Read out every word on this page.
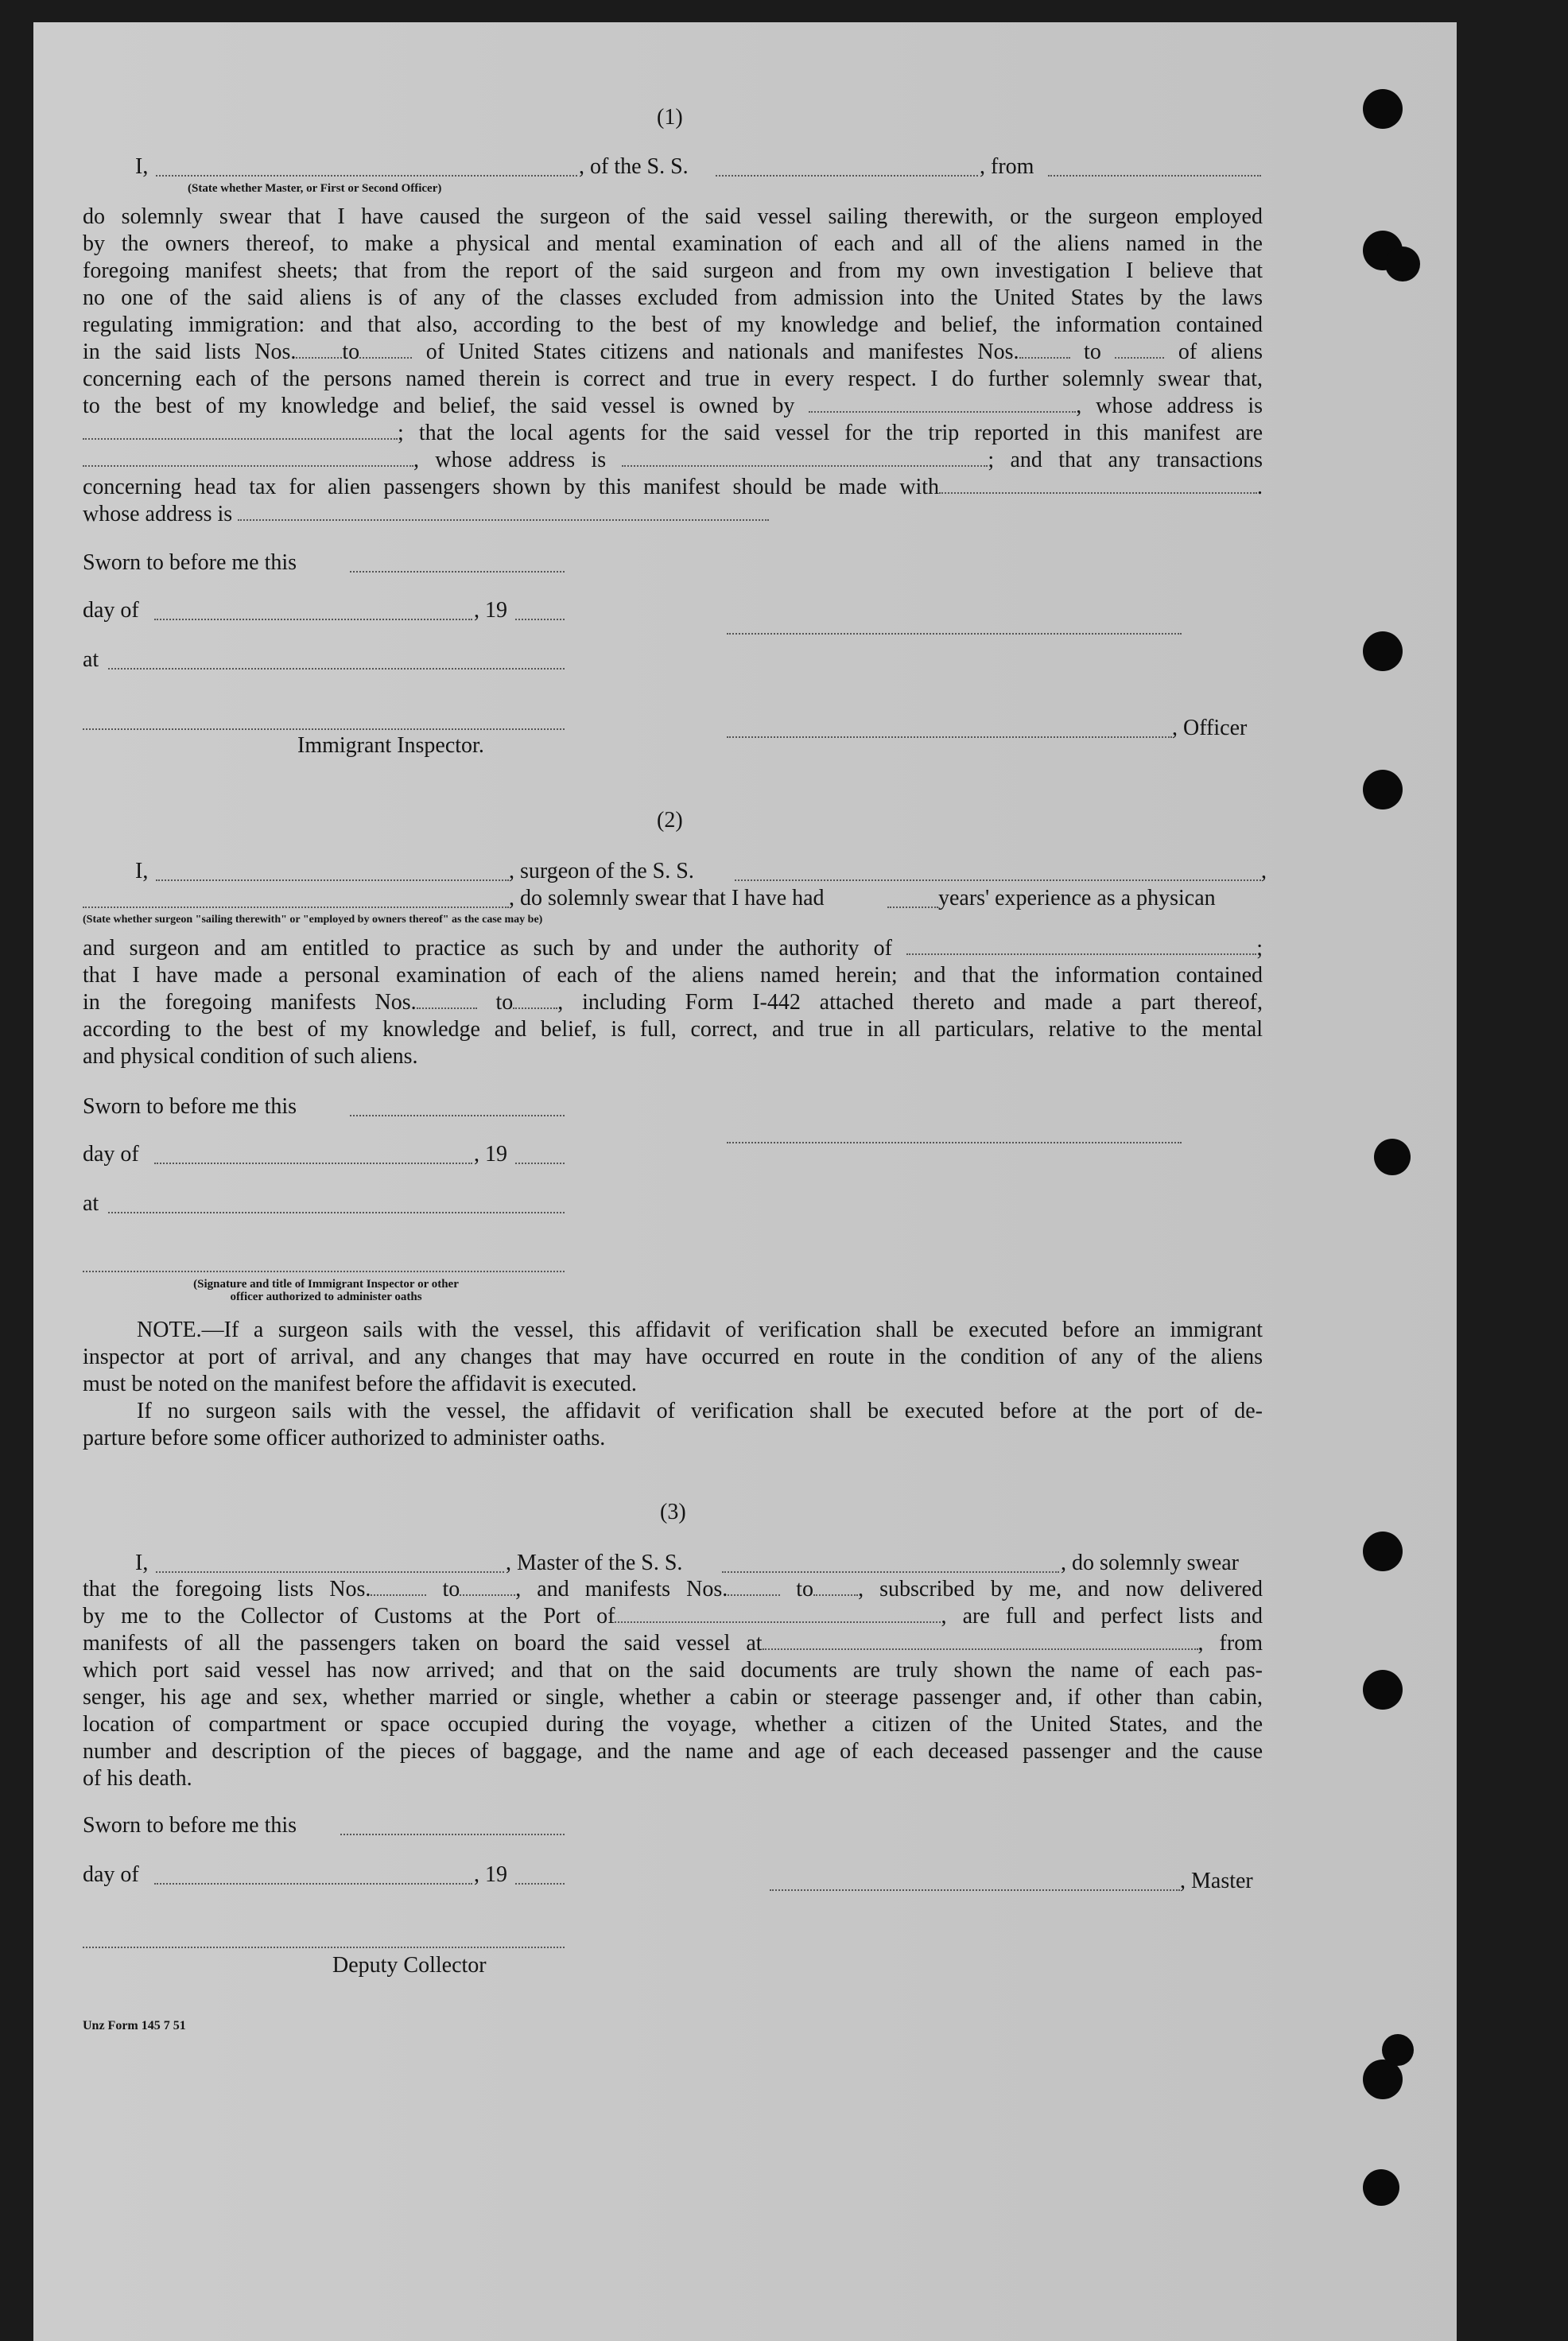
(1)
I,	, of the S. S.	, from
(State whether Master, or First or Second Officer)
do solemnly swear that I have caused the surgeon of the said vessel sailing therewith, or the surgeon employed
by the owners thereof, to make a physical and mental examination of each and all of the aliens named in the
foregoing manifest sheets; that from the report of the said surgeon and from my own investigation I believe that
no one of the said aliens is of any of the classes excluded from admission into the United States by the laws
regulating immigration: and that also, according to the best of my knowledge and belief, the information contained
in the said lists Nos. to	of United States citizens and nationals and manifestes Nos.	to	of aliens
concerning each of the persons named therein is correct and true in every respect. I do further solemnly swear that,
to the best of my knowledge and belief, the said vessel is owned by	, whose address is
; that the local agents for the said vessel for the trip reported in this manifest are
, whose address is	; and that any transactions
concerning head tax for alien passengers shown by this manifest should be made with	.
whose address is
Sworn to before me this
day of	, 19
at
, Officer
Immigrant Inspector.
(2)
I,	, surgeon of the S. S.	,
, do solemnly swear that I have had	years' experience as a physican
(State whether surgeon "sailing therewith" or "employed by owners thereof" as the case may be)
and surgeon and am entitled to practice as such by and under the authority of	;
that I have made a personal examination of each of the aliens named herein; and that the information contained
in the foregoing manifests Nos.	to , including Form I-442 attached thereto and made a part thereof,
according to the best of my knowledge and belief, is full, correct, and true in all particulars, relative to the mental
and physical condition of such aliens.
Sworn to before me this
day of	, 19
at
(Signature and title of Immigrant Inspector or other
officer authorized to administer oaths
NOTE.—If a surgeon sails with the vessel, this affidavit of verification shall be executed before an immigrant
inspector at port of arrival, and any changes that may have occurred en route in the condition of any of the aliens
must be noted on the manifest before the affidavit is executed.
If no surgeon sails with the vessel, the affidavit of verification shall be executed before at the port of de-
parture before some officer authorized to administer oaths.
(3)
I,	, Master of the S. S.	, do solemnly swear
that the foregoing lists Nos.	to	, and manifests Nos.	to , subscribed by me, and now delivered
by me to the Collector of Customs at the Port of	, are full and perfect lists and
manifests of all the passengers taken on board the said vessel at	, from
which port said vessel has now arrived; and that on the said documents are truly shown the name of each pas-
senger, his age and sex, whether married or single, whether a cabin or steerage passenger and, if other than cabin,
location of compartment or space occupied during the voyage, whether a citizen of the United States, and the
number and description of the pieces of baggage, and the name and age of each deceased passenger and the cause
of his death.
Sworn to before me this
day of	, 19	, Master
Deputy Collector
Unz Form 145 7 51
